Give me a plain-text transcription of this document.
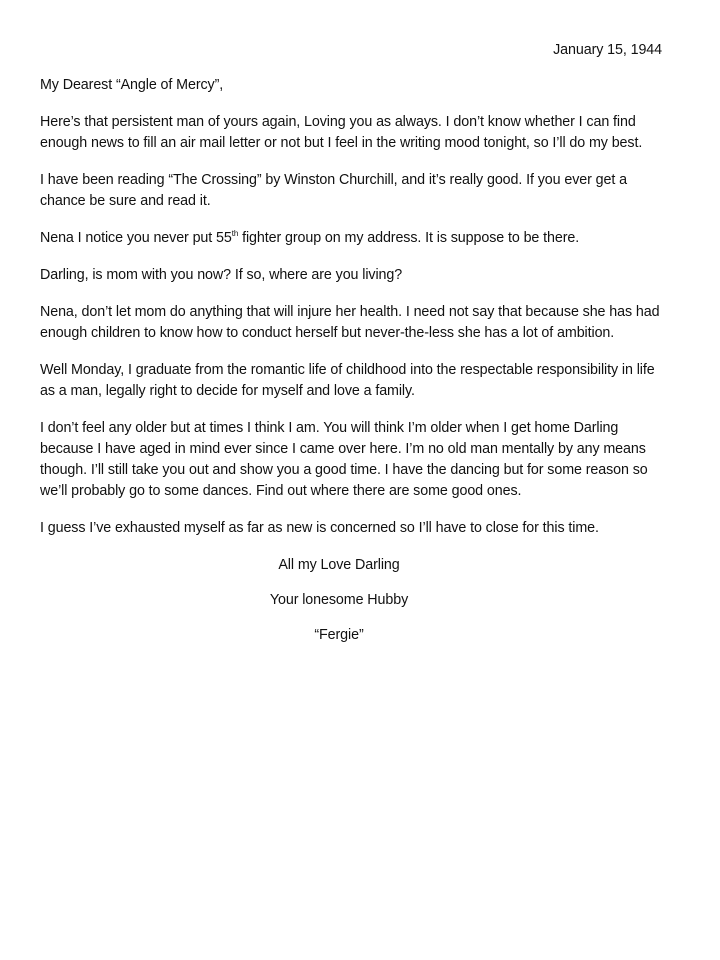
January 15, 1944

My Dearest “Angle of Mercy”,

Here’s that persistent man of yours again, Loving you as always. I don’t know whether I can find enough news to fill an air mail letter or not but I feel in the writing mood tonight, so I’ll do my best.

I have been reading “The Crossing” by Winston Churchill, and it’s really good. If you ever get a chance be sure and read it.

Nena I notice you never put 55th fighter group on my address. It is suppose to be there.

Darling, is mom with you now? If so, where are you living?

Nena, don’t let mom do anything that will injure her health. I need not say that because she has had enough children to know how to conduct herself but never-the-less she has a lot of ambition.

Well Monday, I graduate from the romantic life of childhood into the respectable responsibility in life as a man, legally right to decide for myself and love a family.

I don’t feel any older but at times I think I am. You will think I’m older when I get home Darling because I have aged in mind ever since I came over here. I’m no old man mentally by any means though. I’ll still take you out and show you a good time. I have the dancing but for some reason so we’ll probably go to some dances. Find out where there are some good ones.

I guess I’ve exhausted myself as far as new is concerned so I’ll have to close for this time.

All my Love Darling
Your lonesome Hubby
“Fergie”
